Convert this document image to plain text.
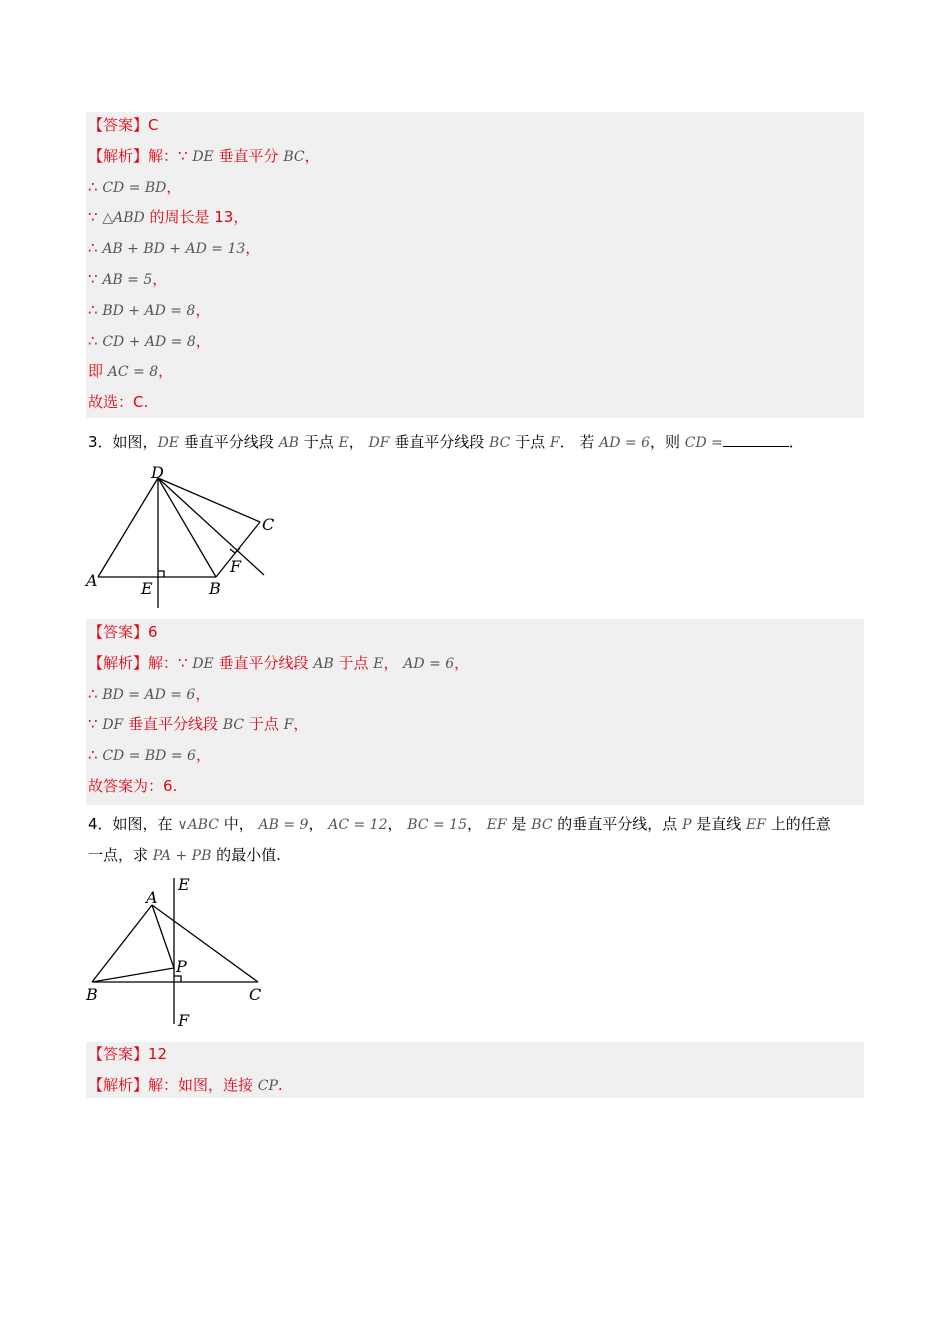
【答案】C
【解析】解：∵ DE 垂直平分 BC，
∴ CD = BD，
∵ △ABD 的周长是 13，
∴ AB + BD + AD = 13，
∵ AB = 5，
∴ BD + AD = 8，
∴ CD + AD = 8，
即 AC = 8，
故选：C.
3．如图，DE 垂直平分线段 AB 于点 E， DF 垂直平分线段 BC 于点 F． 若 AD = 6，则 CD =	．
D
A	E	B
C
F
【答案】6
【解析】解：∵ DE 垂直平分线段 AB 于点 E， AD = 6，
∴ BD = AD = 6，
∵ DF 垂直平分线段 BC 于点 F，
∴ CD = BD = 6，
故答案为：6.
4．如图，在 ∨ABC 中， AB = 9， AC = 12， BC = 15， EF 是 BC 的垂直平分线，点 P 是直线 EF 上的任意
一点，求 PA + PB 的最小值.
E
A
P
B	C
F
【答案】12
【解析】解：如图，连接 CP.
